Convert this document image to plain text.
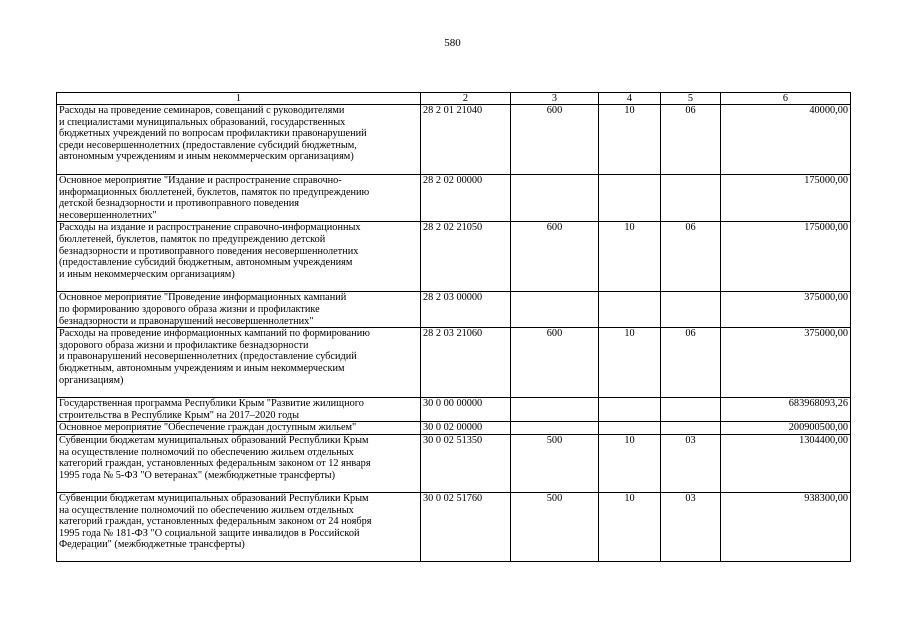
580
1	2	3	4	5	6
Расходы на проведение семинаров, совещаний с руководителями
и специалистами муниципальных образований, государственных
бюджетных учреждений по вопросам профилактики правонарушений
среди несовершеннолетних (предоставление субсидий бюджетным,
автономным учреждениям и иным некоммерческим организациям)	28 2 01 21040	600	10	06	40000,00
Основное мероприятие "Издание и распространение справочно-
информационных бюллетеней, буклетов, памяток по предупреждению
детской безнадзорности и противоправного поведения
несовершеннолетних"	28 2 02 00000				175000,00
Расходы на издание и распространение справочно-информационных
бюллетеней, буклетов, памяток по предупреждению детской
безнадзорности и противоправного поведения несовершеннолетних
(предоставление субсидий бюджетным, автономным учреждениям
и иным некоммерческим организациям)	28 2 02 21050	600	10	06	175000,00
Основное мероприятие "Проведение информационных кампаний
по формированию здорового образа жизни и профилактике
безнадзорности и правонарушений несовершеннолетних"	28 2 03 00000				375000,00
Расходы на проведение информационных кампаний по формированию
здорового образа жизни и профилактике безнадзорности
и правонарушений несовершеннолетних (предоставление субсидий
бюджетным, автономным учреждениям и иным некоммерческим
организациям)	28 2 03 21060	600	10	06	375000,00
Государственная программа Республики Крым "Развитие жилищного
строительства в Республике Крым" на 2017–2020 годы	30 0 00 00000				683968093,26
Основное мероприятие "Обеспечение граждан доступным жильем"	30 0 02 00000				200900500,00
Субвенции бюджетам муниципальных образований Республики Крым
на осуществление полномочий по обеспечению жильем отдельных
категорий граждан, установленных федеральным законом от 12 января
1995 года № 5-ФЗ "О ветеранах" (межбюджетные трансферты)	30 0 02 51350	500	10	03	1304400,00
Субвенции бюджетам муниципальных образований Республики Крым
на осуществление полномочий по обеспечению жильем отдельных
категорий граждан, установленных федеральным законом от 24 ноября
1995 года № 181-ФЗ "О социальной защите инвалидов в Российской
Федерации" (межбюджетные трансферты)	30 0 02 51760	500	10	03	938300,00
